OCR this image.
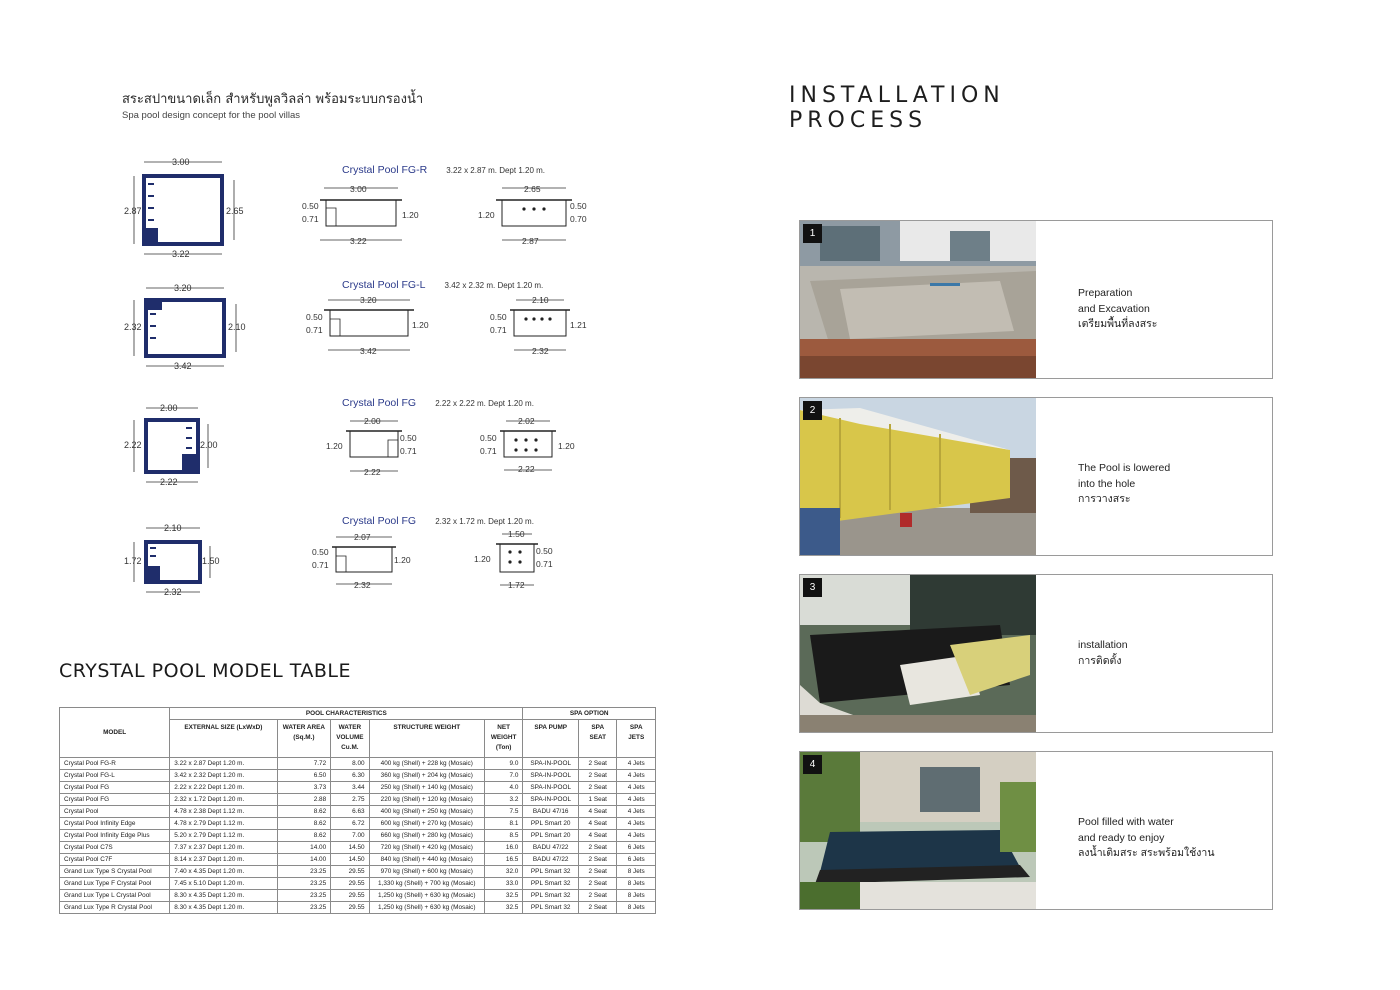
สระสปาขนาดเล็ก สำหรับพูลวิลล่า พร้อมระบบกรองน้ำ
Spa pool design concept for the pool villas
Crystal Pool FG-R 3.22 x 2.87 m. Dept 1.20 m.
3.00
2.87	2.65
3.22
3.00
0.50
0.71	1.20
3.22
2.65
1.20
0.50
0.70
2.87
Crystal Pool FG-L 3.42 x 2.32 m. Dept 1.20 m.
3.20
2.32	2.10
3.42
3.20
0.50
0.71	1.20
3.42
2.10
0.50
0.71	1.21
2.32
Crystal Pool FG 2.22 x 2.22 m. Dept 1.20 m.
2.00
2.22	2.00
2.22
2.00
1.20
0.50
0.71
2.22
2.02
0.50
0.71	1.20
2.22
Crystal Pool FG 2.32 x 1.72 m. Dept 1.20 m.
2.10
1.72	1.50
2.32
2.07
0.50
0.71	1.20
2.32
1.50
1.20
0.50
0.71
1.72
CRYSTAL POOL MODEL TABLE
MODEL	POOL CHARACTERISTICS					SPA OPTION		
	EXTERNAL SIZE (LxWxD)	WATER AREA (Sq.M.)	WATER VOLUME Cu.M.	STRUCTURE WEIGHT	NET WEIGHT (Ton)	SPA PUMP	SPA SEAT	SPA JETS
Crystal Pool FG-R	3.22 x 2.87 Dept 1.20 m.	7.72	8.00	400 kg (Shell) + 228 kg (Mosaic)	9.0	SPA-IN-POOL	2 Seat	4 Jets
Crystal Pool FG-L	3.42 x 2.32 Dept 1.20 m.	6.50	6.30	360 kg (Shell) + 204 kg (Mosaic)	7.0	SPA-IN-POOL	2 Seat	4 Jets
Crystal Pool FG	2.22 x 2.22 Dept 1.20 m.	3.73	3.44	250 kg (Shell) + 140 kg (Mosaic)	4.0	SPA-IN-POOL	2 Seat	4 Jets
Crystal Pool FG	2.32 x 1.72 Dept 1.20 m.	2.88	2.75	220 kg (Shell) + 120 kg (Mosaic)	3.2	SPA-IN-POOL	1 Seat	4 Jets
Crystal Pool	4.78 x 2.38 Dept 1.12 m.	8.62	6.63	400 kg (Shell) + 250 kg (Mosaic)	7.5	BADU 47/16	4 Seat	4 Jets
Crystal Pool Infinity Edge	4.78 x 2.79 Dept 1.12 m.	8.62	6.72	600 kg (Shell) + 270 kg (Mosaic)	8.1	PPL Smart 20	4 Seat	4 Jets
Crystal Pool Infinity Edge Plus	5.20 x 2.79 Dept 1.12 m.	8.62	7.00	660 kg (Shell) + 280 kg (Mosaic)	8.5	PPL Smart 20	4 Seat	4 Jets
Crystal Pool C7S	7.37 x 2.37 Dept 1.20 m.	14.00	14.50	720 kg (Shell) + 420 kg (Mosaic)	16.0	BADU 47/22	2 Seat	6 Jets
Crystal Pool C7F	8.14 x 2.37 Dept 1.20 m.	14.00	14.50	840 kg (Shell) + 440 kg (Mosaic)	16.5	BADU 47/22	2 Seat	6 Jets
Grand Lux Type S Crystal Pool	7.40 x 4.35 Dept 1.20 m.	23.25	29.55	970 kg (Shell) + 600 kg (Mosaic)	32.0	PPL Smart 32	2 Seat	8 Jets
Grand Lux Type F Crystal Pool	7.45 x 5.10 Dept 1.20 m.	23.25	29.55	1,330 kg (Shell) + 700 kg (Mosaic)	33.0	PPL Smart 32	2 Seat	8 Jets
Grand Lux Type L Crystal Pool	8.30 x 4.35 Dept 1.20 m.	23.25	29.55	1,250 kg (Shell) + 630 kg (Mosaic)	32.5	PPL Smart 32	2 Seat	8 Jets
Grand Lux Type R Crystal Pool	8.30 x 4.35 Dept 1.20 m.	23.25	29.55	1,250 kg (Shell) + 630 kg (Mosaic)	32.5	PPL Smart 32	2 Seat	8 Jets
INSTALLATION
PROCESS
1
Preparation
and Excavation
เตรียมพื้นที่ลงสระ
2
The Pool is lowered
into the hole
การวางสระ
3
installation
การติดตั้ง
4
Pool filled with water
and ready to enjoy
ลงน้ำเติมสระ สระพร้อมใช้งาน
